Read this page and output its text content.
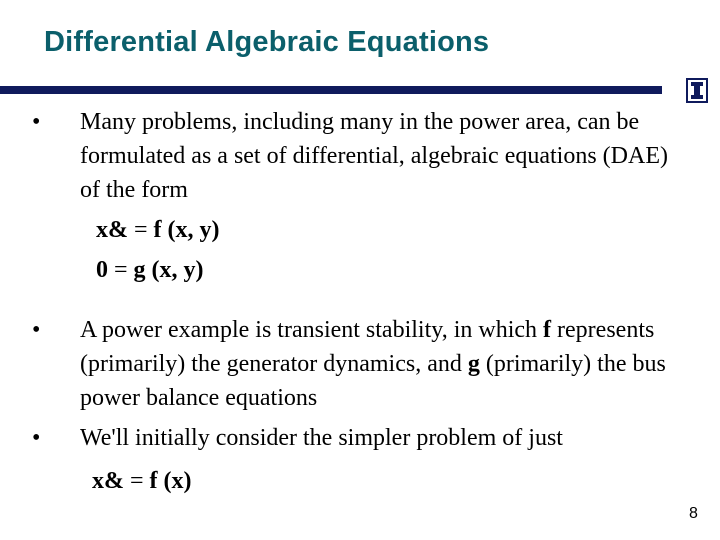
Differential Algebraic Equations
• Many problems, including many in the power area, can be formulated as a set of differential, algebraic equations (DAE) of the form
x& = f (x, y)
0 = g (x, y)
• A power example is transient stability, in which f represents (primarily) the generator dynamics, and g (primarily) the bus power balance equations
• We'll initially consider the simpler problem of just
x& = f (x)
8
